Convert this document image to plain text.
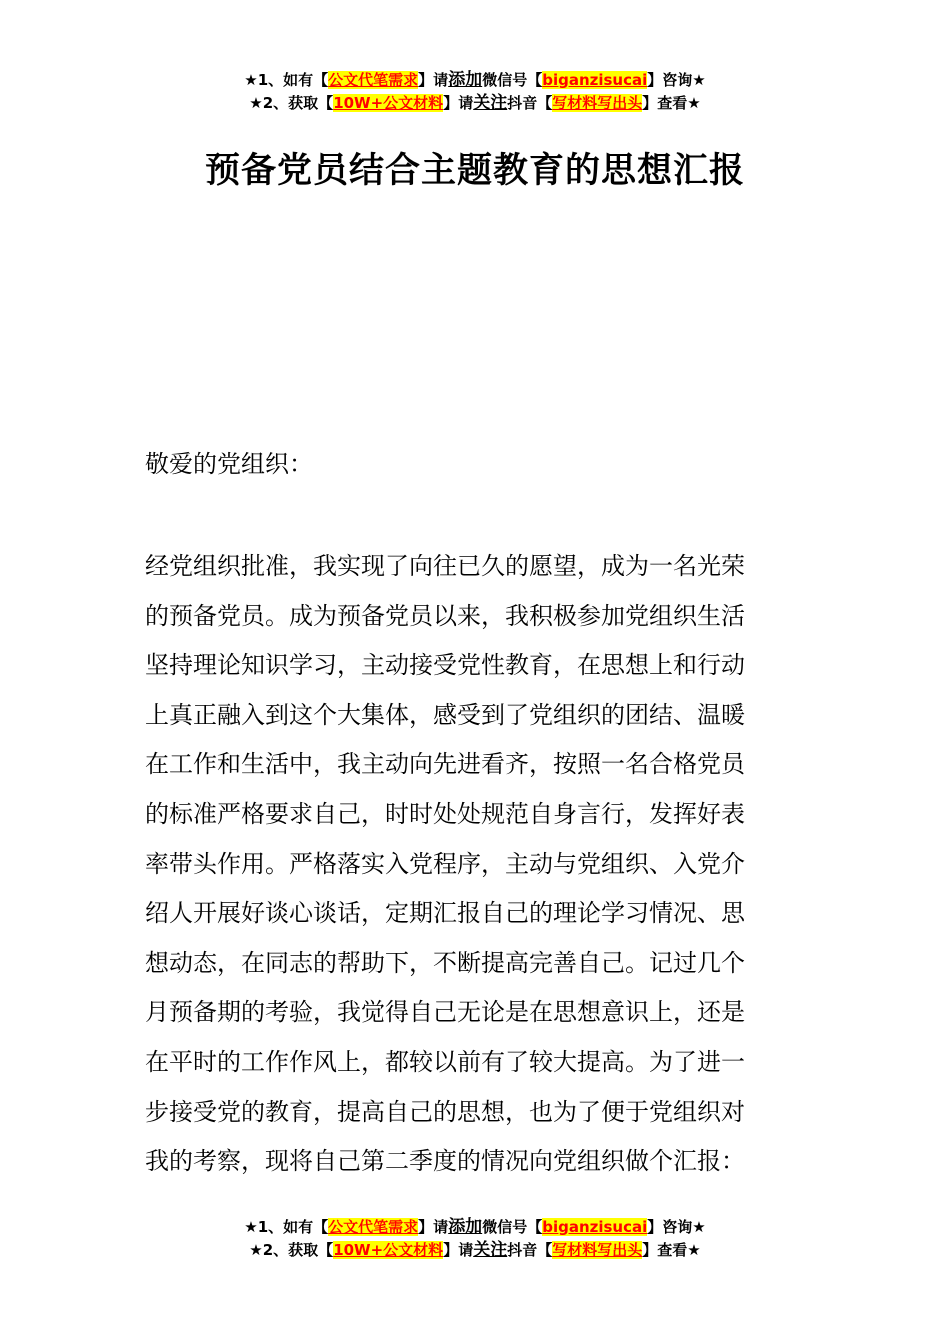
★1、如有【公文代笔需求】请添加微信号【biganzisucai】咨询★
★2、获取【10W+公文材料】请关注抖音【写材料写出头】查看★
预备党员结合主题教育的思想汇报
敬爱的党组织：
经党组织批准，我实现了向往已久的愿望，成为一名光荣
的预备党员。成为预备党员以来，我积极参加党组织生活
坚持理论知识学习，主动接受党性教育，在思想上和行动
上真正融入到这个大集体，感受到了党组织的团结、温暖
在工作和生活中，我主动向先进看齐，按照一名合格党员
的标准严格要求自己，时时处处规范自身言行，发挥好表
率带头作用。严格落实入党程序，主动与党组织、入党介
绍人开展好谈心谈话，定期汇报自己的理论学习情况、思
想动态，在同志的帮助下，不断提高完善自己。记过几个
月预备期的考验，我觉得自己无论是在思想意识上，还是
在平时的工作作风上，都较以前有了较大提高。为了进一
步接受党的教育，提高自己的思想，也为了便于党组织对
我的考察，现将自己第二季度的情况向党组织做个汇报：
★1、如有【公文代笔需求】请添加微信号【biganzisucai】咨询★
★2、获取【10W+公文材料】请关注抖音【写材料写出头】查看★
